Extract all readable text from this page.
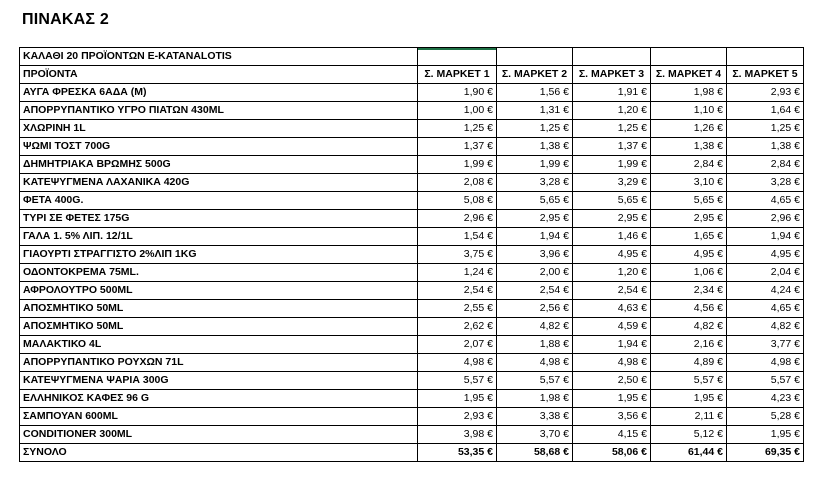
ΠΙΝΑΚΑΣ 2
ΚΑΛΑΘΙ 20 ΠΡΟΪΟΝΤΩΝ E-KATANALOTIS					
ΠΡΟΪΟΝΤΑ	Σ. ΜΑΡΚΕΤ 1	Σ. ΜΑΡΚΕΤ 2	Σ. ΜΑΡΚΕΤ 3	Σ. ΜΑΡΚΕΤ 4	Σ. ΜΑΡΚΕΤ 5
ΑΥΓΑ ΦΡΕΣΚΑ 6ΑΔΑ (M)	1,90 €	1,56 €	1,91 €	1,98 €	2,93 €
ΑΠΟΡΡΥΠΑΝΤΙΚΟ ΥΓΡΟ ΠΙΑΤΩΝ 430ML	1,00 €	1,31 €	1,20 €	1,10 €	1,64 €
ΧΛΩΡΙΝΗ 1L	1,25 €	1,25 €	1,25 €	1,26 €	1,25 €
ΨΩΜΙ ΤΟΣΤ 700G	1,37 €	1,38 €	1,37 €	1,38 €	1,38 €
ΔΗΜΗΤΡΙΑΚΑ ΒΡΩΜΗΣ 500G	1,99 €	1,99 €	1,99 €	2,84 €	2,84 €
ΚΑΤΕΨΥΓΜΕΝΑ ΛΑΧΑΝΙΚΑ 420G	2,08 €	3,28 €	3,29 €	3,10 €	3,28 €
ΦΕΤΑ 400G.	5,08 €	5,65 €	5,65 €	5,65 €	4,65 €
ΤΥΡΙ ΣΕ ΦΕΤΕΣ 175G	2,96 €	2,95 €	2,95 €	2,95 €	2,96 €
ΓΑΛΑ 1. 5% ΛΙΠ. 12/1L	1,54 €	1,94 €	1,46 €	1,65 €	1,94 €
ΓΙΑΟΥΡΤΙ ΣΤΡΑΓΓΙΣΤΟ 2%ΛΙΠ 1KG	3,75 €	3,96 €	4,95 €	4,95 €	4,95 €
ΟΔΟΝΤΟΚΡΕΜΑ 75ML.	1,24 €	2,00 €	1,20 €	1,06 €	2,04 €
ΑΦΡΟΛΟΥΤΡΟ 500ML	2,54 €	2,54 €	2,54 €	2,34 €	4,24 €
ΑΠΟΣΜΗΤΙΚΟ 50ML	2,55 €	2,56 €	4,63 €	4,56 €	4,65 €
ΑΠΟΣΜΗΤΙΚΟ 50ML	2,62 €	4,82 €	4,59 €	4,82 €	4,82 €
ΜΑΛΑΚΤΙΚΟ 4L	2,07 €	1,88 €	1,94 €	2,16 €	3,77 €
ΑΠΟΡΡΥΠΑΝΤΙΚΟ ΡΟΥΧΩΝ 71L	4,98 €	4,98 €	4,98 €	4,89 €	4,98 €
ΚΑΤΕΨΥΓΜΕΝΑ ΨΑΡΙΑ 300G	5,57 €	5,57 €	2,50 €	5,57 €	5,57 €
ΕΛΛΗΝΙΚΟΣ ΚΑΦΕΣ 96 G	1,95 €	1,98 €	1,95 €	1,95 €	4,23 €
ΣΑΜΠΟΥΑΝ 600ML	2,93 €	3,38 €	3,56 €	2,11 €	5,28 €
CONDITIONER 300ML	3,98 €	3,70 €	4,15 €	5,12 €	1,95 €
ΣΥΝΟΛΟ	53,35 €	58,68 €	58,06 €	61,44 €	69,35 €
